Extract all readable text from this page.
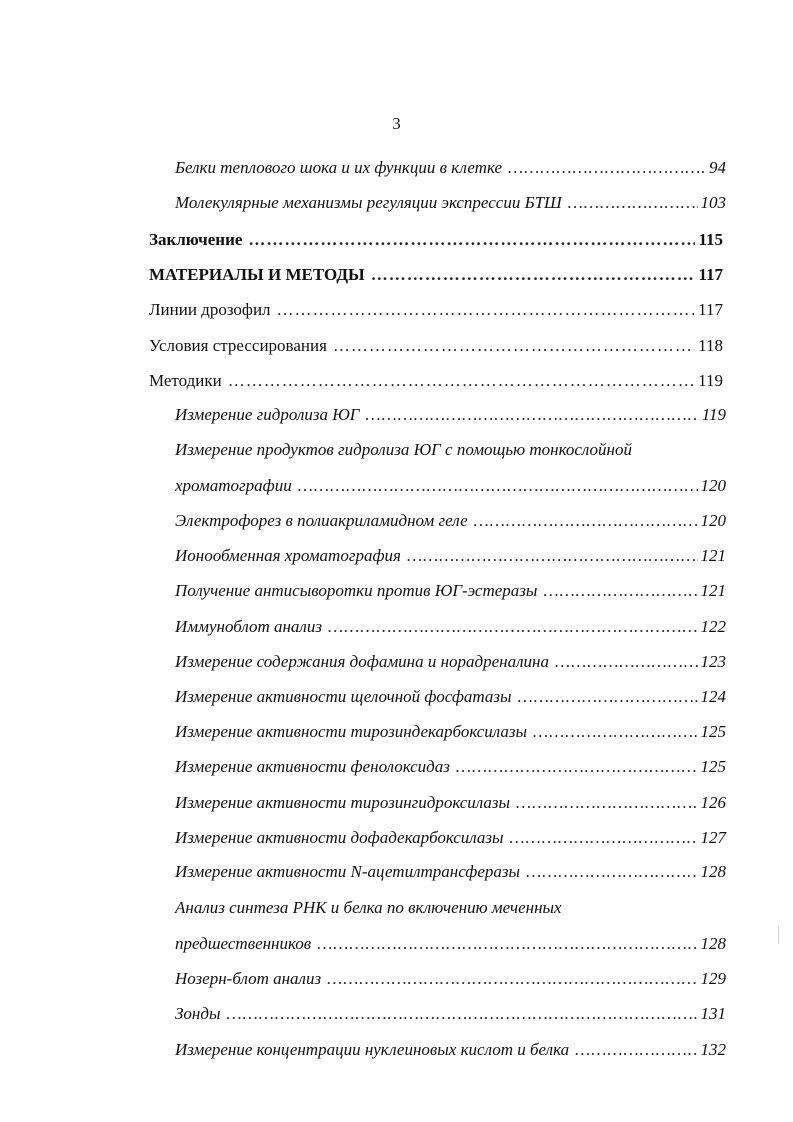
3
Белки теплового шока и их функции в клетке ………………………………………………………………………………………………………………………………………………………………	94
Молекулярные механизмы регуляции экспрессии БТШ ………………………………………………………………………………………………………………………………………………………………	103
Заключение ………………………………………………………………………………………………………………………………………………………………	115
МАТЕРИАЛЫ И МЕТОДЫ ………………………………………………………………………………………………………………………………………………………………	117
Линии дрозофил ………………………………………………………………………………………………………………………………………………………………	117
Условия стрессирования ………………………………………………………………………………………………………………………………………………………………	118
Методики ………………………………………………………………………………………………………………………………………………………………	119
Измерение гидролиза ЮГ ………………………………………………………………………………………………………………………………………………………………	119
Измерение продуктов гидролиза ЮГ с помощью тонкослойной
хроматографии ………………………………………………………………………………………………………………………………………………………………	120
Электрофорез в полиакриламидном геле ………………………………………………………………………………………………………………………………………………………………	120
Ионообменная хроматография ………………………………………………………………………………………………………………………………………………………………	121
Получение антисыворотки против ЮГ-эстеразы ………………………………………………………………………………………………………………………………………………………………	121
Иммуноблот анализ ………………………………………………………………………………………………………………………………………………………………	122
Измерение содержания дофамина и норадреналина ………………………………………………………………………………………………………………………………………………………………	123
Измерение активности щелочной фосфатазы ………………………………………………………………………………………………………………………………………………………………	124
Измерение активности тирозиндекарбоксилазы ………………………………………………………………………………………………………………………………………………………………	125
Измерение активности фенолоксидаз ………………………………………………………………………………………………………………………………………………………………	125
Измерение активности тирозингидроксилазы ………………………………………………………………………………………………………………………………………………………………	126
Измерение активности дофадекарбоксилазы ………………………………………………………………………………………………………………………………………………………………	127
Измерение активности N-ацетилтрансферазы ………………………………………………………………………………………………………………………………………………………………	128
Анализ синтеза РНК и белка по включению меченных
предшественников ………………………………………………………………………………………………………………………………………………………………	128
Нозерн-блот анализ ………………………………………………………………………………………………………………………………………………………………	129
Зонды ………………………………………………………………………………………………………………………………………………………………	131
Измерение концентрации нуклеиновых кислот и белка ………………………………………………………………………………………………………………………………………………………………	132
